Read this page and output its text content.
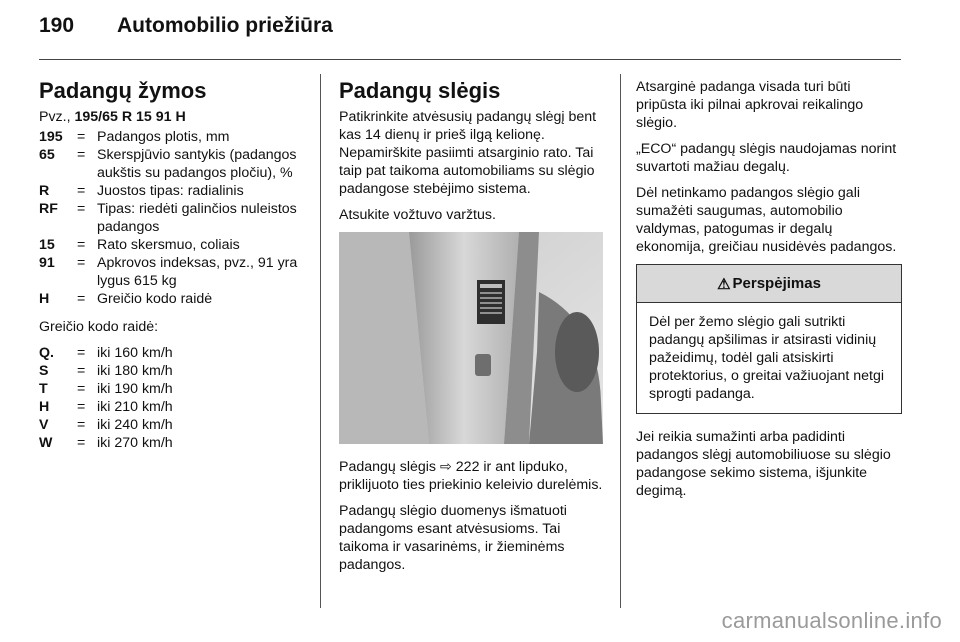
190	Automobilio priežiūra
Padangų žymos
Pvz., 195/65 R 15 91 H
195	= Padangos plotis, mm
65	= Skerspjūvio santykis (padangos aukštis su padangos pločiu), %
R	= Juostos tipas: radialinis
RF	= Tipas: riedėti galinčios nuleistos padangos
15	= Rato skersmuo, coliais
91	= Apkrovos indeksas, pvz., 91 yra lygus 615 kg
H	= Greičio kodo raidė

Greičio kodo raidė:

Q.	= iki 160 km/h
S	= iki 180 km/h
T	= iki 190 km/h
H	= iki 210 km/h
V	= iki 240 km/h
W	= iki 270 km/h
Padangų slėgis

Patikrinkite atvėsusių padangų slėgį bent kas 14 dienų ir prieš ilgą kelionę. Nepamirškite pasiimti atsarginio rato. Tai taip pat taikoma automobiliams su slėgio padangose stebėjimo sistema.

Atsukite vožtuvo varžtus.

Padangų slėgis ⇨ 222 ir ant lipduko, priklijuoto ties priekinio keleivio durelėmis.

Padangų slėgio duomenys išmatuoti padangoms esant atvėsusioms. Tai taikoma ir vasarinėms, ir žieminėms padangos.

Atsarginė padanga visada turi būti pripūsta iki pilnai apkrovai reikalingo slėgio.

„ECO“ padangų slėgis naudojamas norint suvartoti mažiau degalų.

Dėl netinkamo padangos slėgio gali sumažėti saugumas, automobilio valdymas, patogumas ir degalų ekonomija, greičiau nusidėvės padangos.

⚠ Perspėjimas

Dėl per žemo slėgio gali sutrikti padangų apšilimas ir atsirasti vidinių pažeidimų, todėl gali atsiskirti protektorius, o greitai važiuojant netgi sprogti padanga.

Jei reikia sumažinti arba padidinti padangos slėgį automobiliuose su slėgio padangose sekimo sistema, išjunkite degimą.

carmanualsonline.info
